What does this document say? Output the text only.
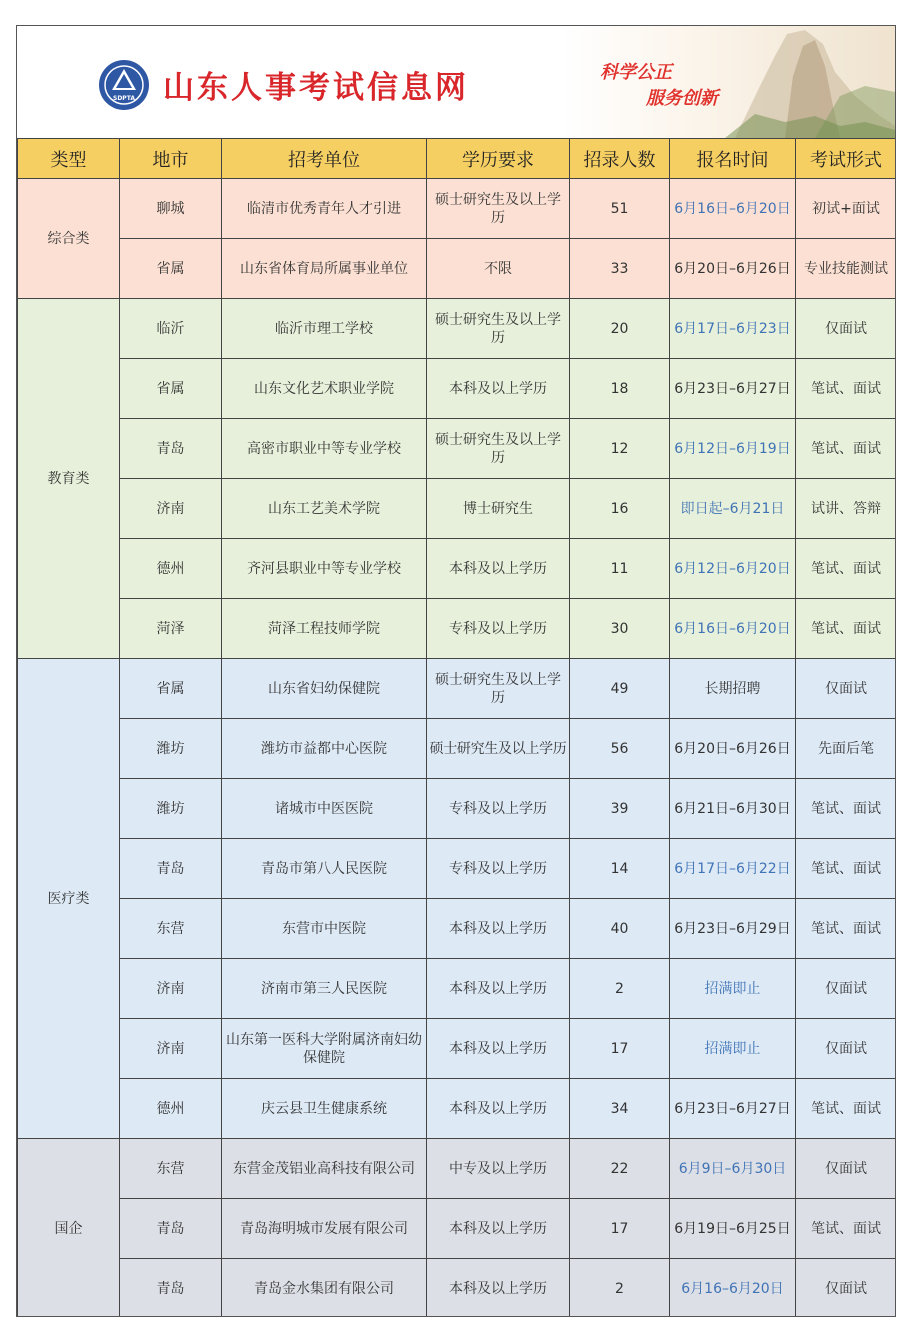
SDPTA 山东人事考试信息网	科学公正
服务创新
类型	地市	招考单位	学历要求	招录人数	报名时间	考试形式
综合类	聊城	临清市优秀青年人才引进	硕士研究生及以上学历	51	6月16日–6月20日	初试+面试
	省属	山东省体育局所属事业单位	不限	33	6月20日–6月26日	专业技能测试
教育类	临沂	临沂市理工学校	硕士研究生及以上学历	20	6月17日–6月23日	仅面试
	省属	山东文化艺术职业学院	本科及以上学历	18	6月23日–6月27日	笔试、面试
	青岛	高密市职业中等专业学校	硕士研究生及以上学历	12	6月12日–6月19日	笔试、面试
	济南	山东工艺美术学院	博士研究生	16	即日起–6月21日	试讲、答辩
	德州	齐河县职业中等专业学校	本科及以上学历	11	6月12日–6月20日	笔试、面试
	菏泽	菏泽工程技师学院	专科及以上学历	30	6月16日–6月20日	笔试、面试
医疗类	省属	山东省妇幼保健院	硕士研究生及以上学历	49	长期招聘	仅面试
	潍坊	潍坊市益都中心医院	硕士研究生及以上学历	56	6月20日–6月26日	先面后笔
	潍坊	诸城市中医医院	专科及以上学历	39	6月21日–6月30日	笔试、面试
	青岛	青岛市第八人民医院	专科及以上学历	14	6月17日–6月22日	笔试、面试
	东营	东营市中医院	本科及以上学历	40	6月23日–6月29日	笔试、面试
	济南	济南市第三人民医院	本科及以上学历	2	招满即止	仅面试
	济南	山东第一医科大学附属济南妇幼保健院	本科及以上学历	17	招满即止	仅面试
	德州	庆云县卫生健康系统	本科及以上学历	34	6月23日–6月27日	笔试、面试
国企	东营	东营金茂铝业高科技有限公司	中专及以上学历	22	6月9日–6月30日	仅面试
	青岛	青岛海明城市发展有限公司	本科及以上学历	17	6月19日–6月25日	笔试、面试
	青岛	青岛金水集团有限公司	本科及以上学历	2	6月16–6月20日	仅面试
